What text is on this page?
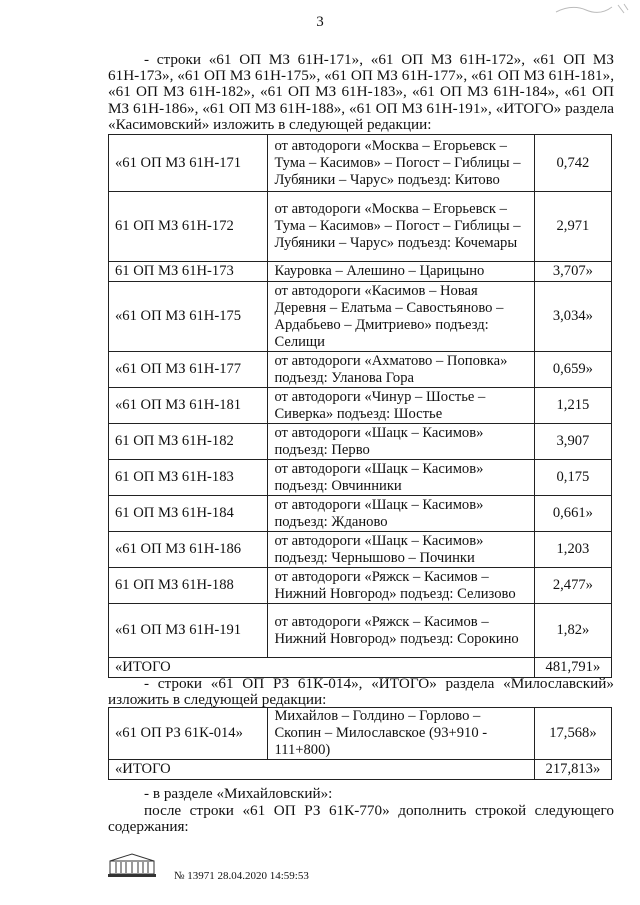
3
- строки «61 ОП МЗ 61Н-171», «61 ОП МЗ 61Н-172», «61 ОП МЗ 61Н-173», «61 ОП МЗ 61Н-175», «61 ОП МЗ 61Н-177», «61 ОП МЗ 61Н-181», «61 ОП МЗ 61Н-182», «61 ОП МЗ 61Н-183», «61 ОП МЗ 61Н-184», «61 ОП МЗ 61Н-186», «61 ОП МЗ 61Н-188», «61 ОП МЗ 61Н-191», «ИТОГО» раздела «Касимовский» изложить в следующей редакции:
«61 ОП МЗ 61Н-171	от автодороги «Москва – Егорьевск – Тума – Касимов» – Погост – Гиблицы – Лубяники – Чарус» подъезд: Китово	0,742
61 ОП МЗ 61Н-172	от автодороги «Москва – Егорьевск – Тума – Касимов» – Погост – Гиблицы – Лубяники – Чарус» подъезд: Кочемары	2,971
61 ОП МЗ 61Н-173	Кауровка – Алешино – Царицыно	3,707»
«61 ОП МЗ 61Н-175	от автодороги «Касимов – Новая Деревня – Елатьма – Савостьяново – Ардабьево – Дмитриево» подъезд: Селищи	3,034»
«61 ОП МЗ 61Н-177	от автодороги «Ахматово – Поповка» подъезд: Уланова Гора	0,659»
«61 ОП МЗ 61Н-181	от автодороги «Чинур – Шостье – Сиверка» подъезд: Шостье	1,215
61 ОП МЗ 61Н-182	от автодороги «Шацк – Касимов» подъезд: Перво	3,907
61 ОП МЗ 61Н-183	от автодороги «Шацк – Касимов» подъезд: Овчинники	0,175
61 ОП МЗ 61Н-184	от автодороги «Шацк – Касимов» подъезд: Жданово	0,661»
«61 ОП МЗ 61Н-186	от автодороги «Шацк – Касимов» подъезд: Чернышово – Починки	1,203
61 ОП МЗ 61Н-188	от автодороги «Ряжск – Касимов – Нижний Новгород» подъезд: Селизово	2,477»
«61 ОП МЗ 61Н-191	от автодороги «Ряжск – Касимов – Нижний Новгород» подъезд: Сорокино	1,82»
«ИТОГО		481,791»
- строки «61 ОП РЗ 61К-014», «ИТОГО» раздела «Милославский» изложить в следующей редакции:
«61 ОП РЗ 61К-014»	Михайлов – Голдино – Горлово – Скопин – Милославское (93+910 - 111+800)	17,568»
«ИТОГО		217,813»
- в разделе «Михайловский»:
после строки «61 ОП РЗ 61К-770» дополнить строкой следующего содержания:
№ 13971 28.04.2020 14:59:53
